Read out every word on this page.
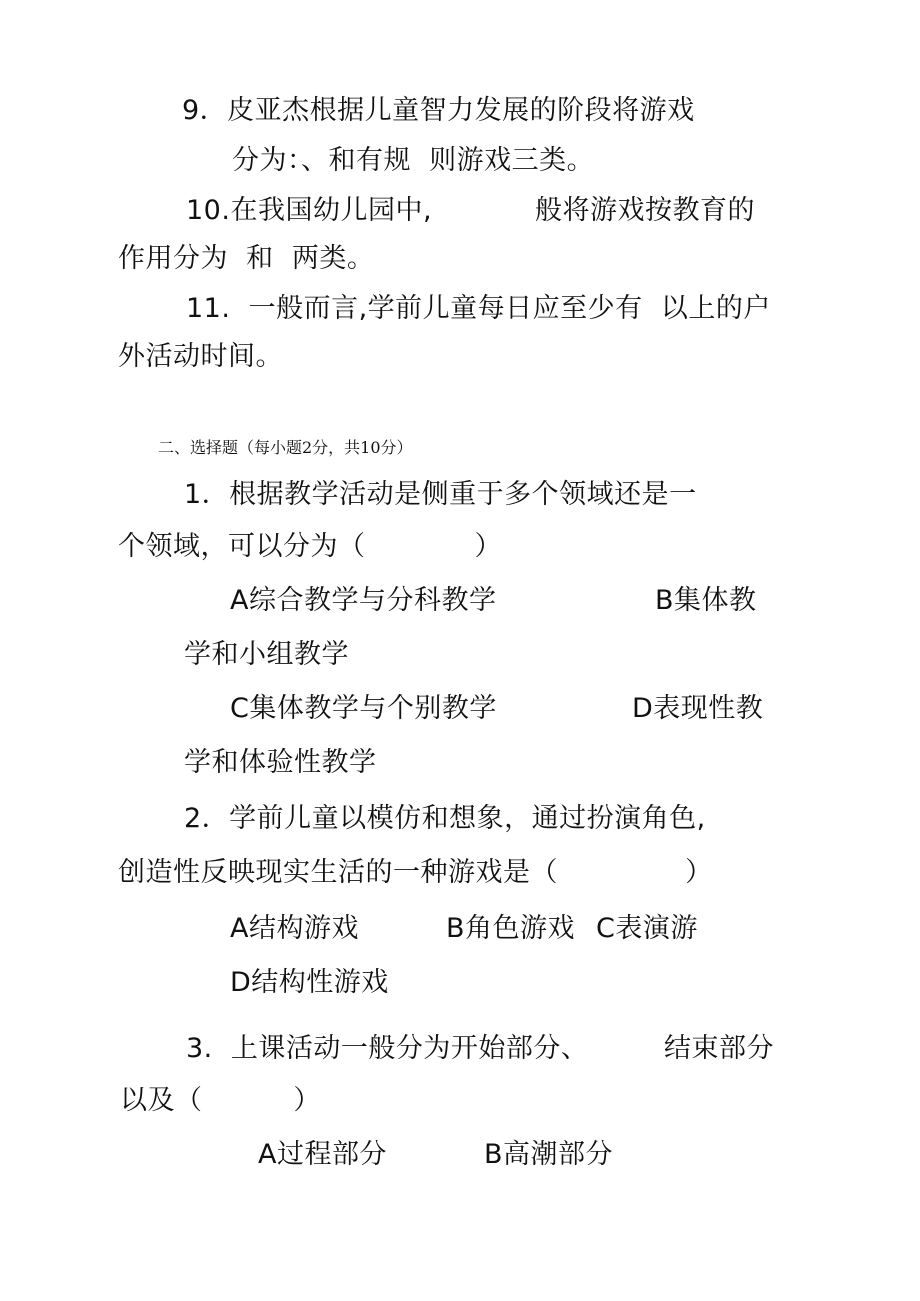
9．皮亚杰根据儿童智力发展的阶段将游戏
分为：、和有规  则游戏三类。
10.在我国幼儿园中,	般将游戏按教育的
作用分为  和  两类。
11.  一般而言,学前儿童每日应至少有  以上的户
外活动时间。
二、选择题（每小题2分，共10分）
1．根据教学活动是侧重于多个领域还是一
个领域，可以分为（            ）
A综合教学与分科教学	B集体教
学和小组教学
C集体教学与个别教学	D表现性教
学和体验性教学
2．学前儿童以模仿和想象，通过扮演角色,
创造性反映现实生活的一种游戏是（              ）
A结构游戏	B角色游戏 C表演游
D结构性游戏
3.  上课活动一般分为开始部分、	结束部分
以及（          ）
A过程部分	B高潮部分
